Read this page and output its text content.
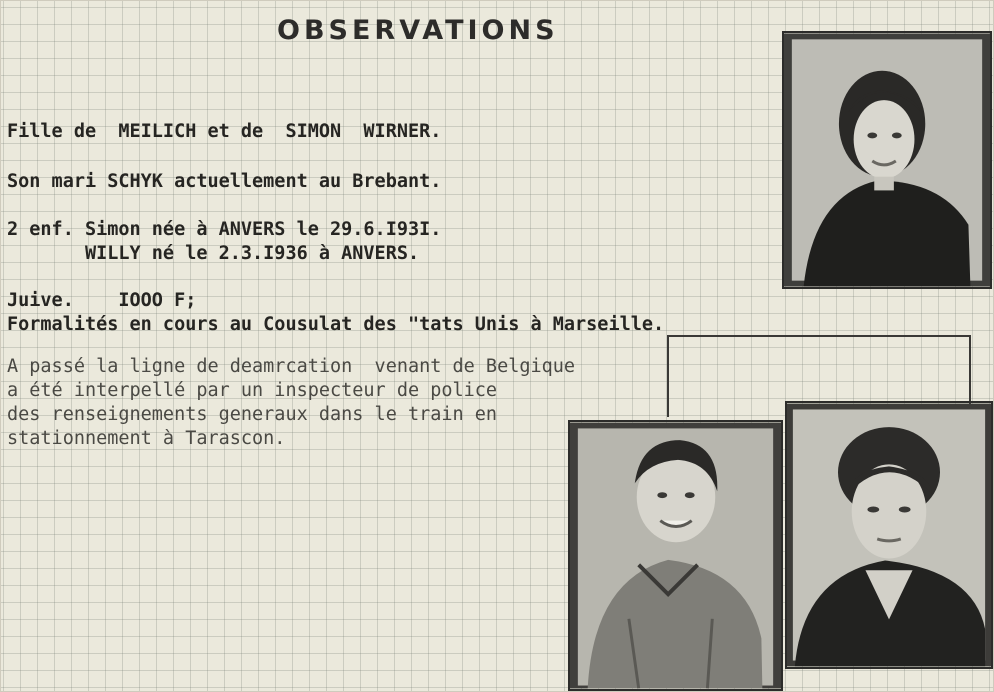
OBSERVATIONS
Fille de  MEILICH et de  SIMON  WIRNER.
Son mari SCHYK actuellement au Brebant.
2 enf. Simon née à ANVERS le 29.6.I93I.
WILLY né le 2.3.I936 à ANVERS.
Juive.    IOOO F;
Formalités en cours au Cousulat des "tats Unis à Marseille.
A passé la ligne de deamrcation  venant de Belgique
a été interpellé par un inspecteur de police
des renseignements generaux dans le train en
stationnement à Tarascon.
